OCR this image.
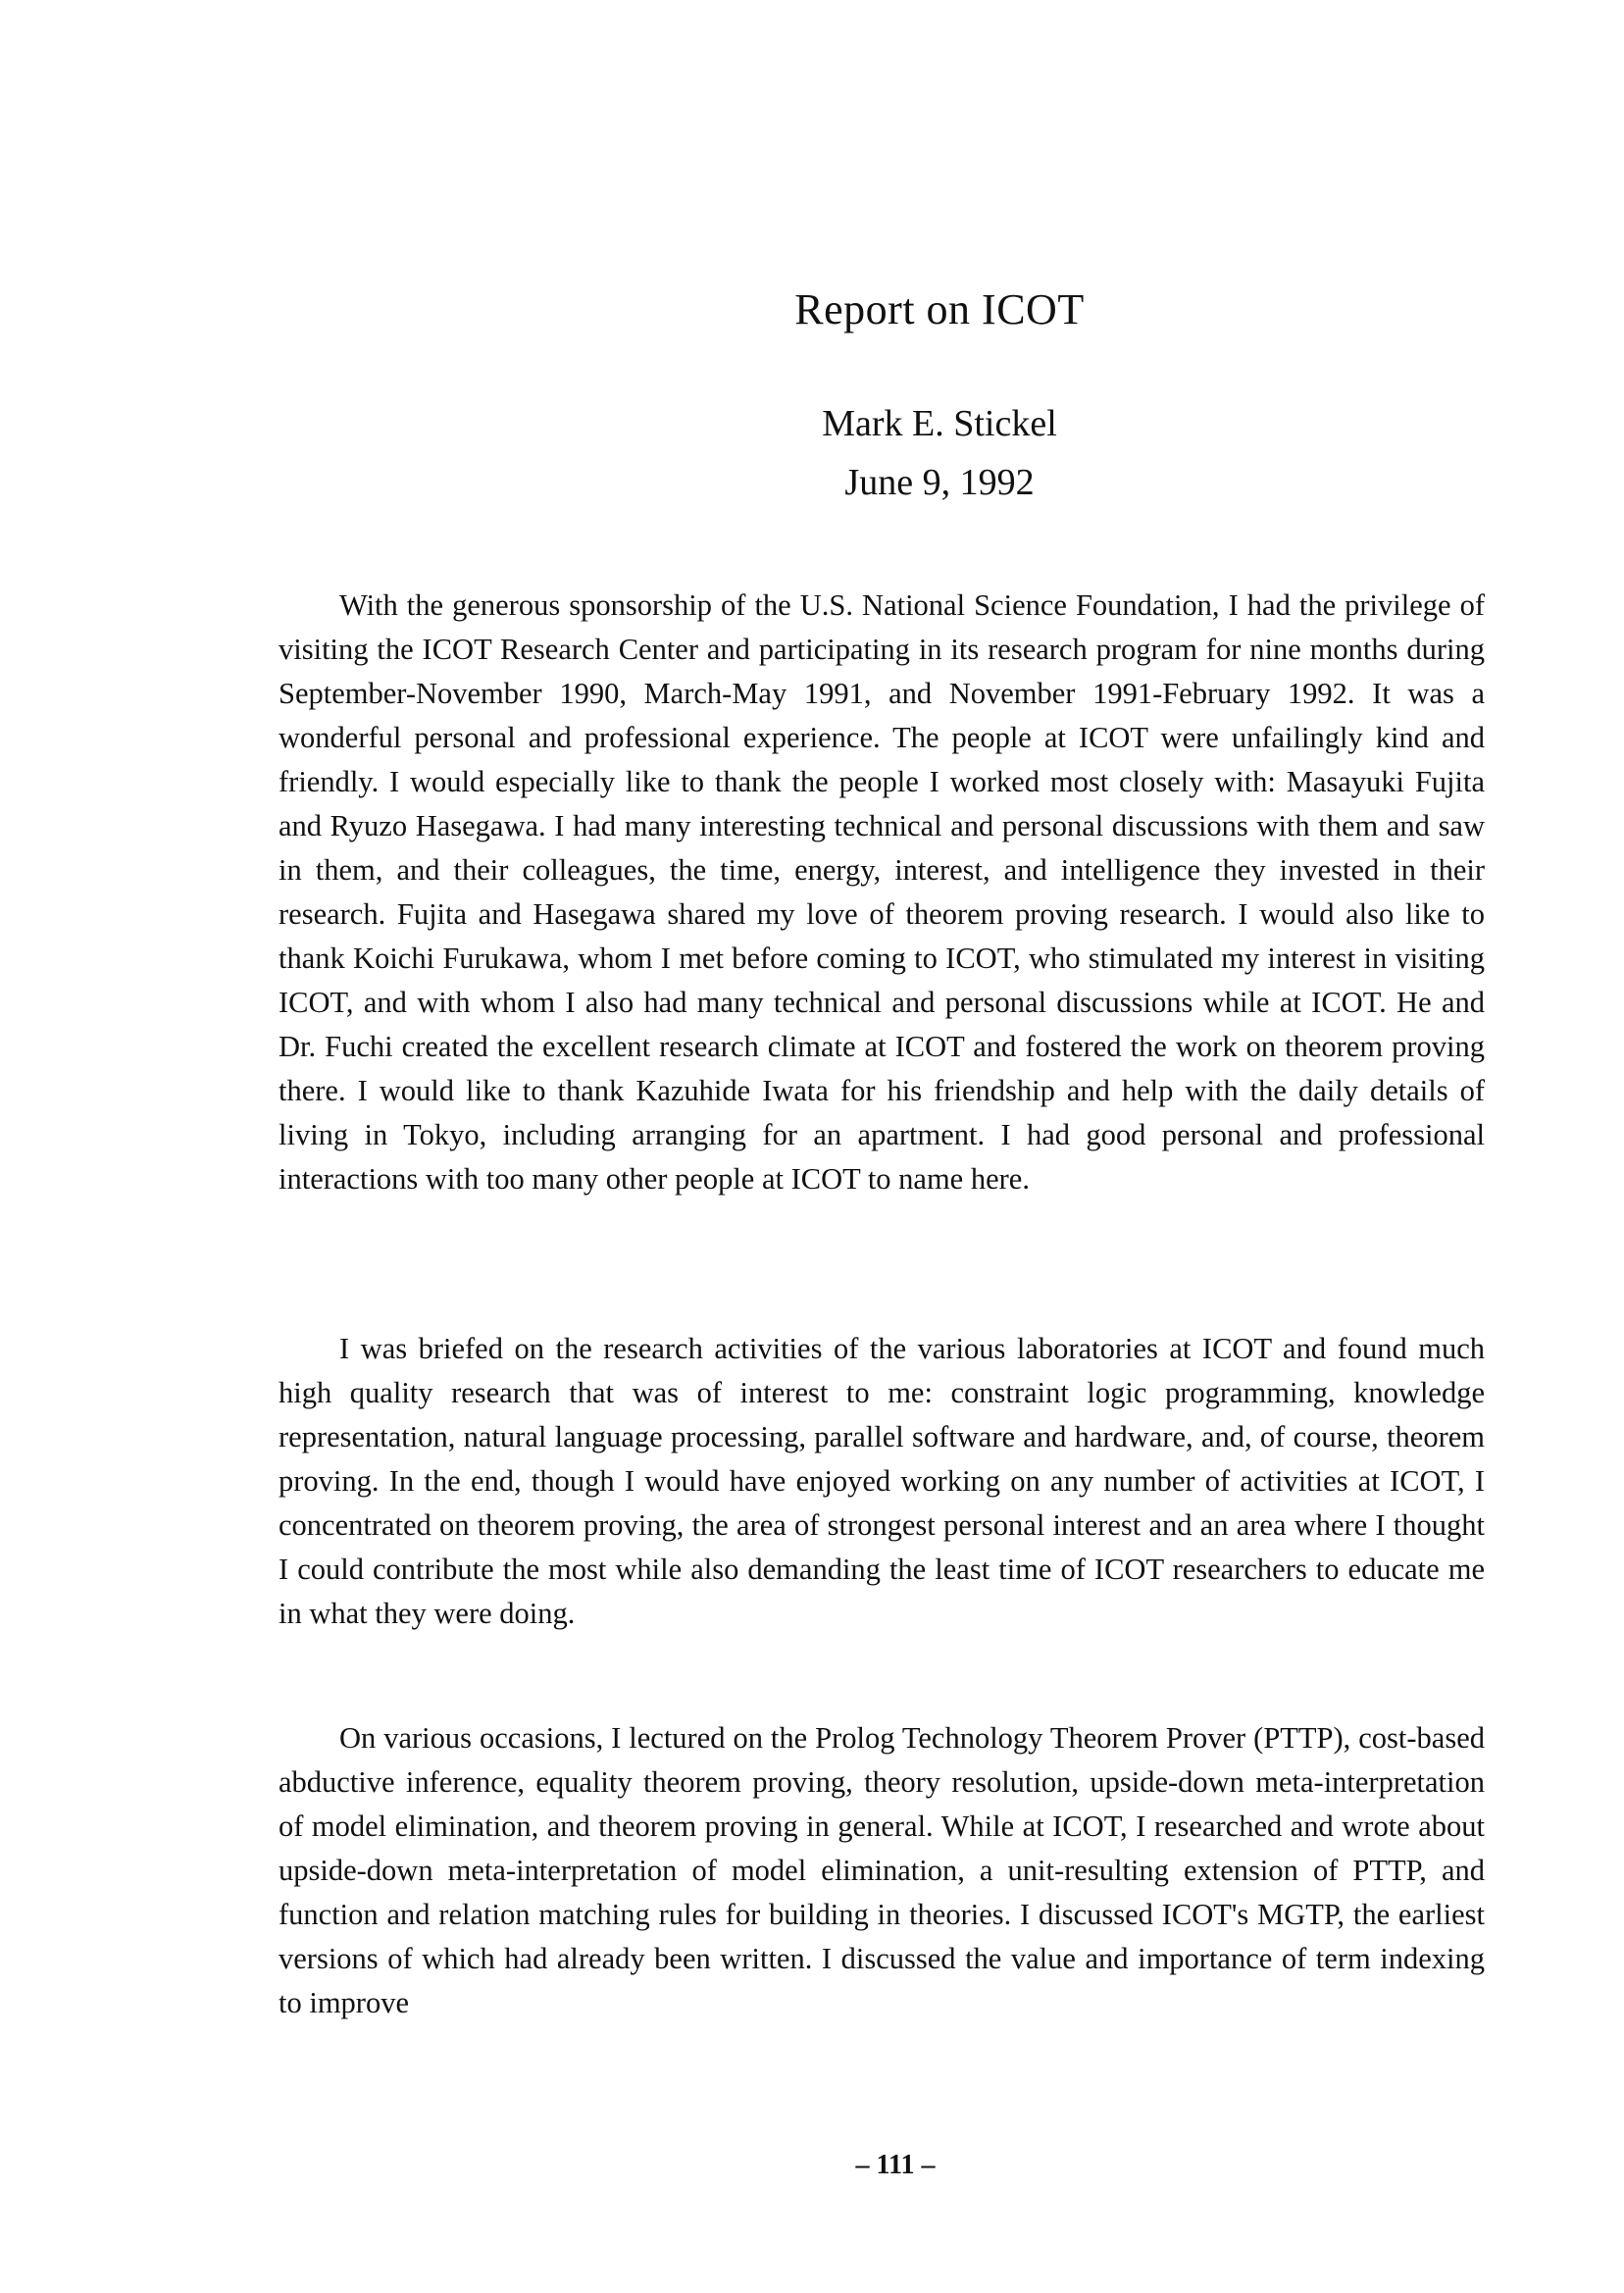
Report on ICOT
Mark E. Stickel
June 9, 1992

With the generous sponsorship of the U.S. National Science Foundation, I had the privilege of visiting the ICOT Research Center and participating in its research program for nine months during September-November 1990, March-May 1991, and November 1991-February 1992. It was a wonderful personal and professional experience. The people at ICOT were unfailingly kind and friendly. I would especially like to thank the people I worked most closely with: Masayuki Fujita and Ryuzo Hasegawa. I had many interesting technical and personal discussions with them and saw in them, and their colleagues, the time, energy, interest, and intelligence they invested in their research. Fujita and Hasegawa shared my love of theorem proving research. I would also like to thank Koichi Furukawa, whom I met before coming to ICOT, who stimulated my interest in visiting ICOT, and with whom I also had many technical and personal discussions while at ICOT. He and Dr. Fuchi created the excellent research climate at ICOT and fostered the work on theorem proving there. I would like to thank Kazuhide Iwata for his friendship and help with the daily details of living in Tokyo, including arranging for an apartment. I had good personal and professional interactions with too many other people at ICOT to name here.

I was briefed on the research activities of the various laboratories at ICOT and found much high quality research that was of interest to me: constraint logic programming, knowledge representation, natural language processing, parallel software and hardware, and, of course, theorem proving. In the end, though I would have enjoyed working on any number of activities at ICOT, I concentrated on theorem proving, the area of strongest personal interest and an area where I thought I could contribute the most while also demanding the least time of ICOT researchers to educate me in what they were doing.

On various occasions, I lectured on the Prolog Technology Theorem Prover (PTTP), cost-based abductive inference, equality theorem proving, theory resolution, upside-down meta-interpretation of model elimination, and theorem proving in general. While at ICOT, I researched and wrote about upside-down meta-interpretation of model elimination, a unit-resulting extension of PTTP, and function and relation matching rules for building in theories. I discussed ICOT's MGTP, the earliest versions of which had already been written. I discussed the value and importance of term indexing to improve

– 111 –
